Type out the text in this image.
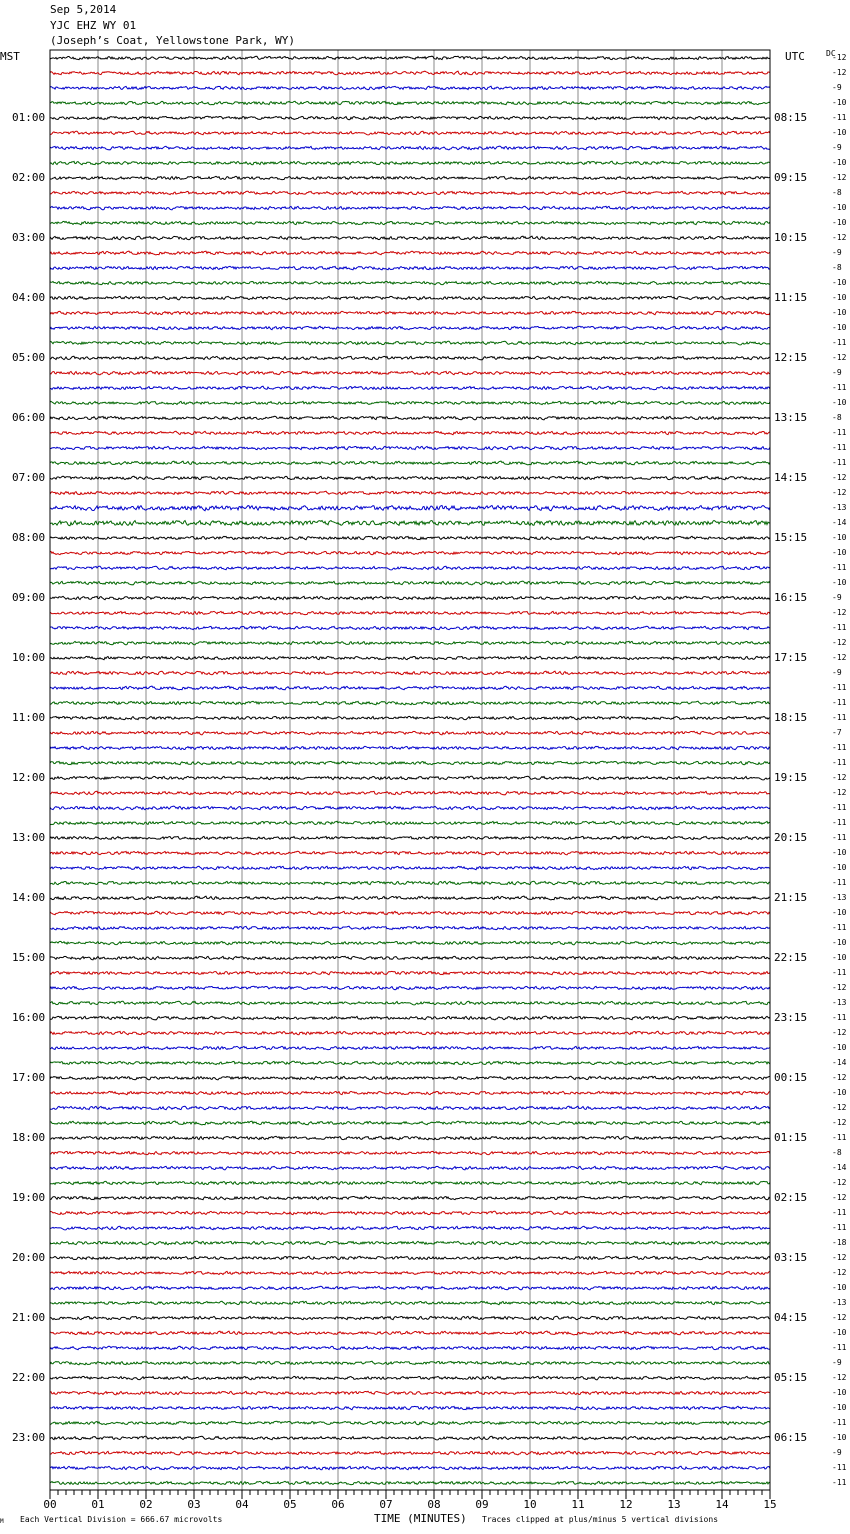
00	01	02	03	04	05	06	07	08	09	10	11	12	13	14	15
Sep 5,2014
YJC EHZ WY 01
(Joseph’s Coat, Yellowstone Park, WY)
MST	UTC	DC
01:00
02:00
03:00
04:00
05:00
06:00
07:00
08:00
09:00
10:00
11:00
12:00
13:00
14:00
15:00
16:00
17:00
18:00
19:00
20:00
21:00
22:00
23:00
08:15
09:15
10:15
11:15
12:15
13:15
14:15
15:15
16:15
17:15
18:15
19:15
20:15
21:15
22:15
23:15
00:15
01:15
02:15
03:15
04:15
05:15
06:15
-12
-12
-9
-10
-11
-10
-9
-10
-12
-8
-10
-10
-12
-9
-8
-10
-10
-10
-10
-11
-12
-9
-11
-10
-8
-11
-11
-11
-12
-12
-13
-14
-10
-10
-11
-10
-9
-12
-11
-12
-12
-9
-11
-11
-11
-7
-11
-11
-12
-12
-11
-11
-11
-10
-10
-11
-13
-10
-11
-10
-10
-11
-12
-13
-11
-12
-10
-14
-12
-10
-12
-12
-11
-8
-14
-12
-12
-11
-11
-18
-12
-12
-10
-13
-12
-10
-11
-9
-12
-10
-10
-11
-10
-9
-11
-11
M Each Vertical Division = 666.67 microvolts	TIME (MINUTES) Traces clipped at plus/minus 5 vertical divisions
